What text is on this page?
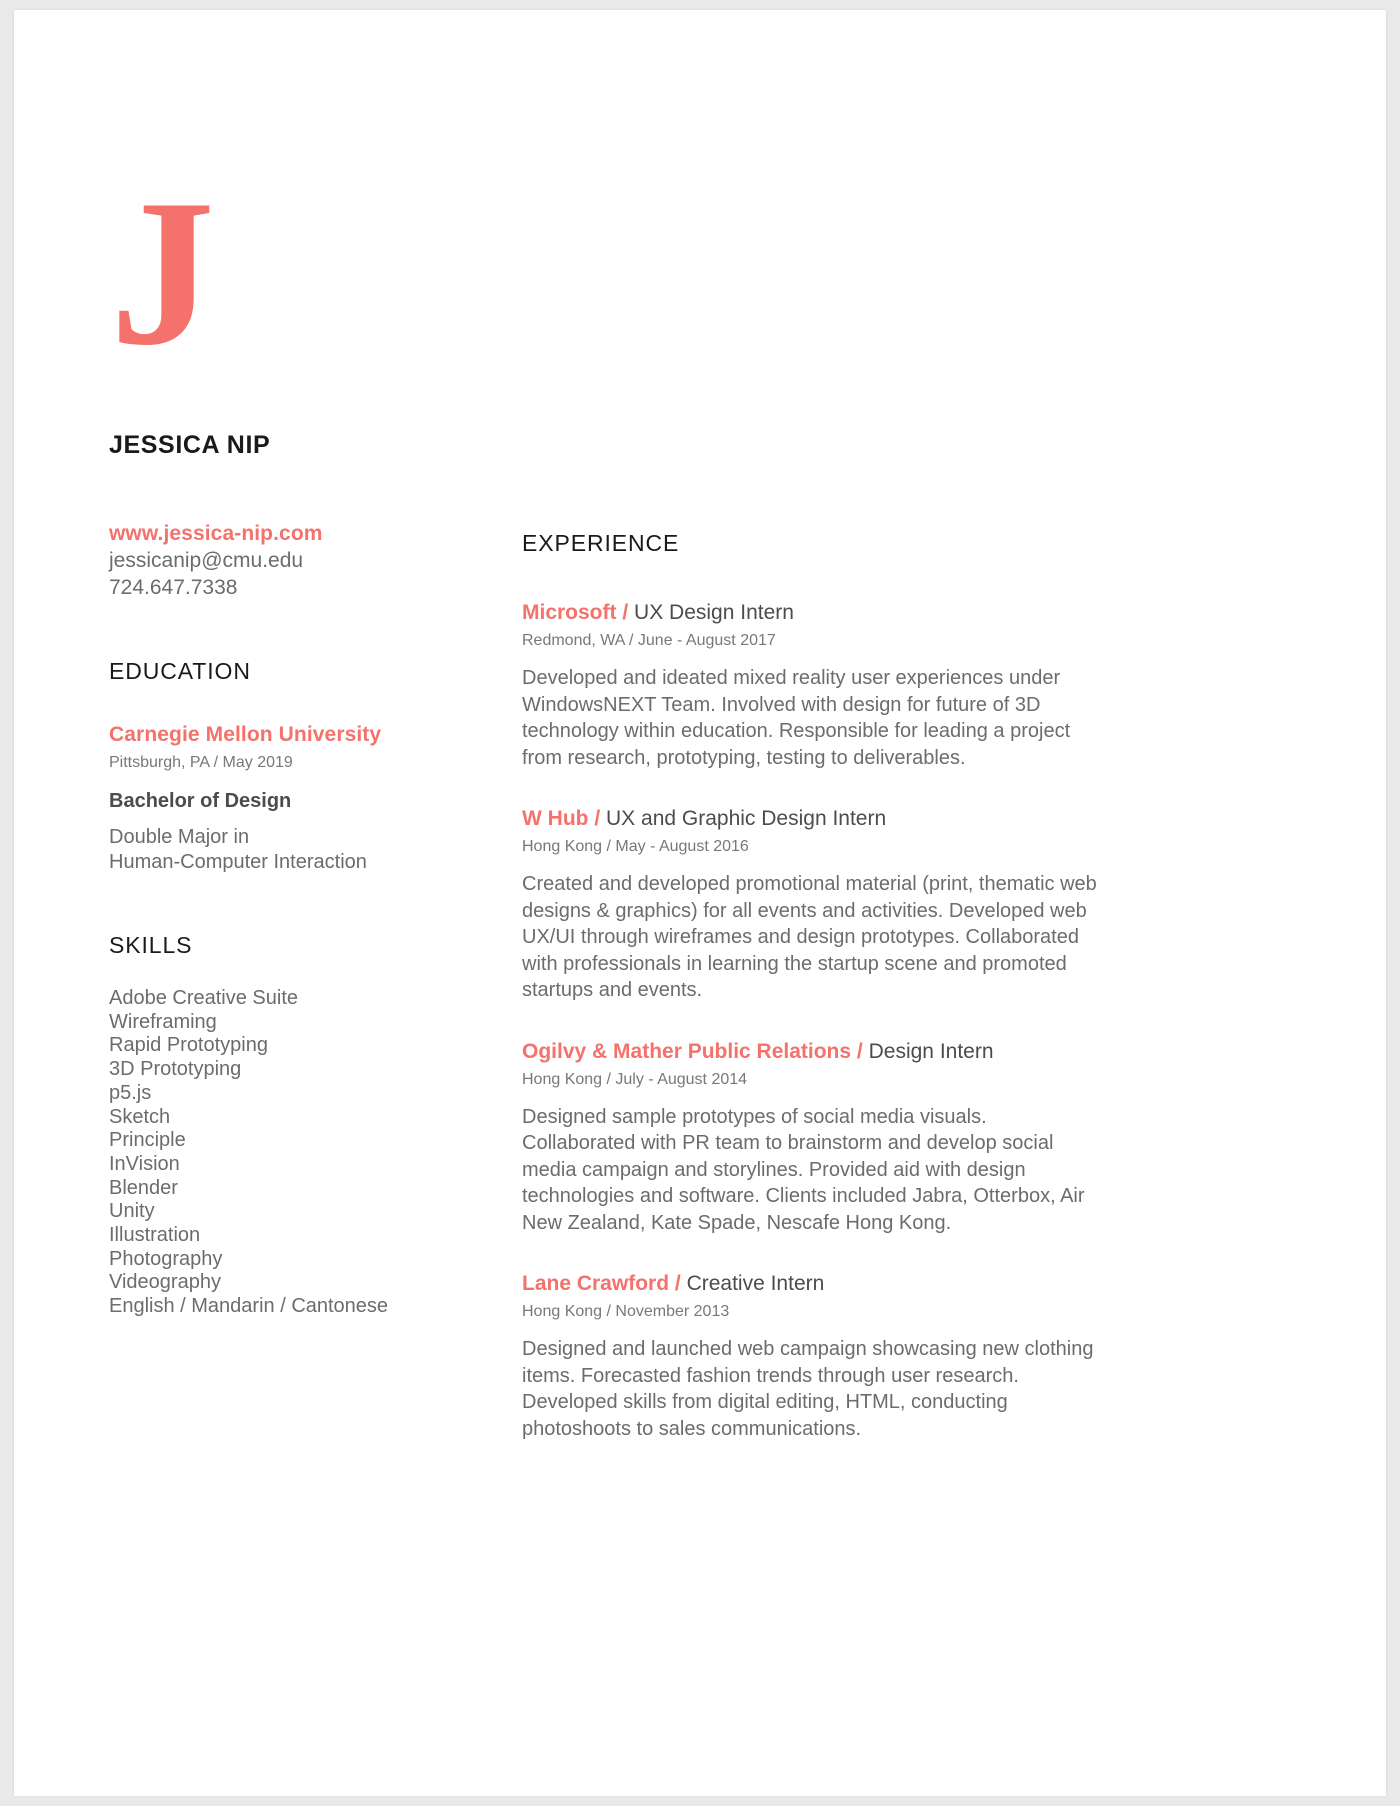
J
JESSICA NIP
www.jessica-nip.com
jessicanip@cmu.edu
724.647.7338
EDUCATION
Carnegie Mellon University
Pittsburgh, PA / May 2019
Bachelor of Design
Double Major in
Human-Computer Interaction
SKILLS
Adobe Creative Suite
Wireframing
Rapid Prototyping
3D Prototyping
p5.js
Sketch
Principle
InVision
Blender
Unity
Illustration
Photography
Videography
English / Mandarin / Cantonese
EXPERIENCE
Microsoft / UX Design Intern
Redmond, WA / June - August 2017
Developed and ideated mixed reality user experiences under WindowsNEXT Team. Involved with design for future of 3D technology within education. Responsible for leading a project from research, prototyping, testing to deliverables.
W Hub / UX and Graphic Design Intern
Hong Kong / May - August 2016
Created and developed promotional material (print, thematic web designs & graphics) for all events and activities. Developed web UX/UI through wireframes and design prototypes. Collaborated with professionals in learning the startup scene and promoted startups and events.
Ogilvy & Mather Public Relations / Design Intern
Hong Kong / July - August 2014
Designed sample prototypes of social media visuals. Collaborated with PR team to brainstorm and develop social media campaign and storylines. Provided aid with design technologies and software. Clients included Jabra, Otterbox, Air New Zealand, Kate Spade, Nescafe Hong Kong.
Lane Crawford / Creative Intern
Hong Kong / November 2013
Designed and launched web campaign showcasing new clothing items. Forecasted fashion trends through user research. Developed skills from digital editing, HTML, conducting photoshoots to sales communications.
